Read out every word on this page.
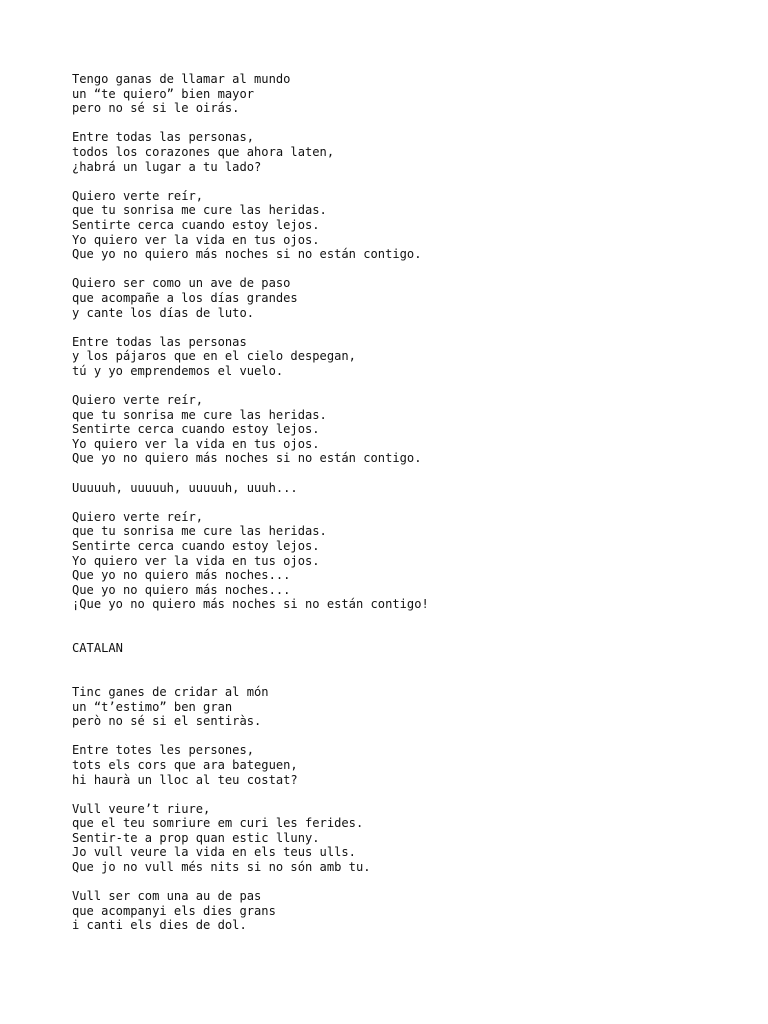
Tengo ganas de llamar al mundo
un “te quiero” bien mayor
pero no sé si le oirás.
Entre todas las personas,
todos los corazones que ahora laten,
¿habrá un lugar a tu lado?
Quiero verte reír,
que tu sonrisa me cure las heridas.
Sentirte cerca cuando estoy lejos.
Yo quiero ver la vida en tus ojos.
Que yo no quiero más noches si no están contigo.
Quiero ser como un ave de paso
que acompañe a los días grandes
y cante los días de luto.
Entre todas las personas
y los pájaros que en el cielo despegan,
tú y yo emprendemos el vuelo.
Quiero verte reír,
que tu sonrisa me cure las heridas.
Sentirte cerca cuando estoy lejos.
Yo quiero ver la vida en tus ojos.
Que yo no quiero más noches si no están contigo.
Uuuuuh, uuuuuh, uuuuuh, uuuh...
Quiero verte reír,
que tu sonrisa me cure las heridas.
Sentirte cerca cuando estoy lejos.
Yo quiero ver la vida en tus ojos.
Que yo no quiero más noches...
Que yo no quiero más noches...
¡Que yo no quiero más noches si no están contigo!
CATALAN
Tinc ganes de cridar al món
un “t’estimo” ben gran
però no sé si el sentiràs.
Entre totes les persones,
tots els cors que ara bateguen,
hi haurà un lloc al teu costat?
Vull veure’t riure,
que el teu somriure em curi les ferides.
Sentir-te a prop quan estic lluny.
Jo vull veure la vida en els teus ulls.
Que jo no vull més nits si no són amb tu.
Vull ser com una au de pas
que acompanyi els dies grans
i canti els dies de dol.
